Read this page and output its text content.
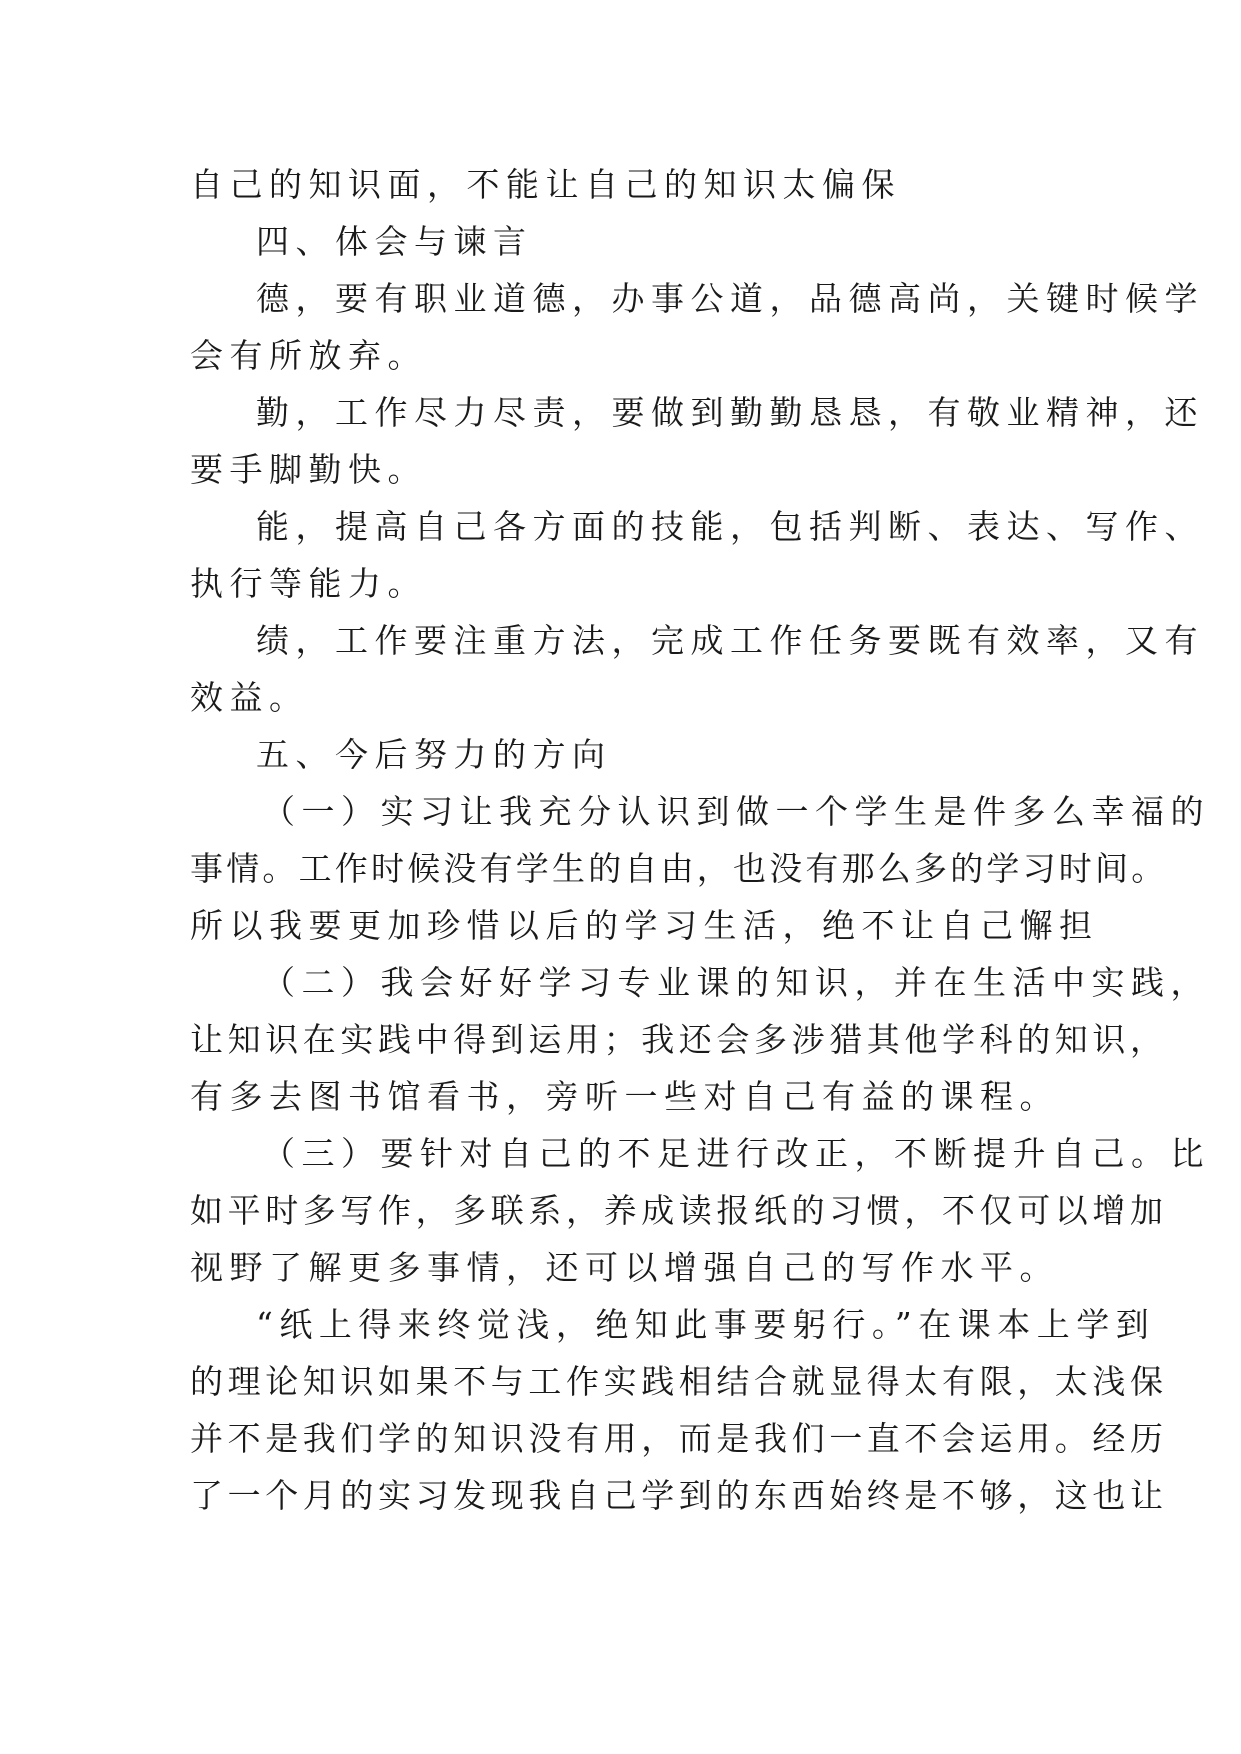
自己的知识面，不能让自己的知识太偏保
四、体会与谏言
德，要有职业道德，办事公道，品德高尚，关键时候学
会有所放弃。
勤，工作尽力尽责，要做到勤勤恳恳，有敬业精神，还
要手脚勤快。
能，提高自己各方面的技能，包括判断、表达、写作、
执行等能力。
绩，工作要注重方法，完成工作任务要既有效率，又有
效益。
五、今后努力的方向
（一）实习让我充分认识到做一个学生是件多么幸福的
事情。工作时候没有学生的自由，也没有那么多的学习时间。
所以我要更加珍惜以后的学习生活，绝不让自己懈担
（二）我会好好学习专业课的知识，并在生活中实践，
让知识在实践中得到运用；我还会多涉猎其他学科的知识，
有多去图书馆看书，旁听一些对自己有益的课程。
（三）要针对自己的不足进行改正，不断提升自己。比
如平时多写作，多联系，养成读报纸的习惯，不仅可以增加
视野了解更多事情，还可以增强自己的写作水平。
“纸上得来终觉浅，绝知此事要躬行。”在课本上学到
的理论知识如果不与工作实践相结合就显得太有限，太浅保
并不是我们学的知识没有用，而是我们一直不会运用。经历
了一个月的实习发现我自己学到的东西始终是不够，这也让
